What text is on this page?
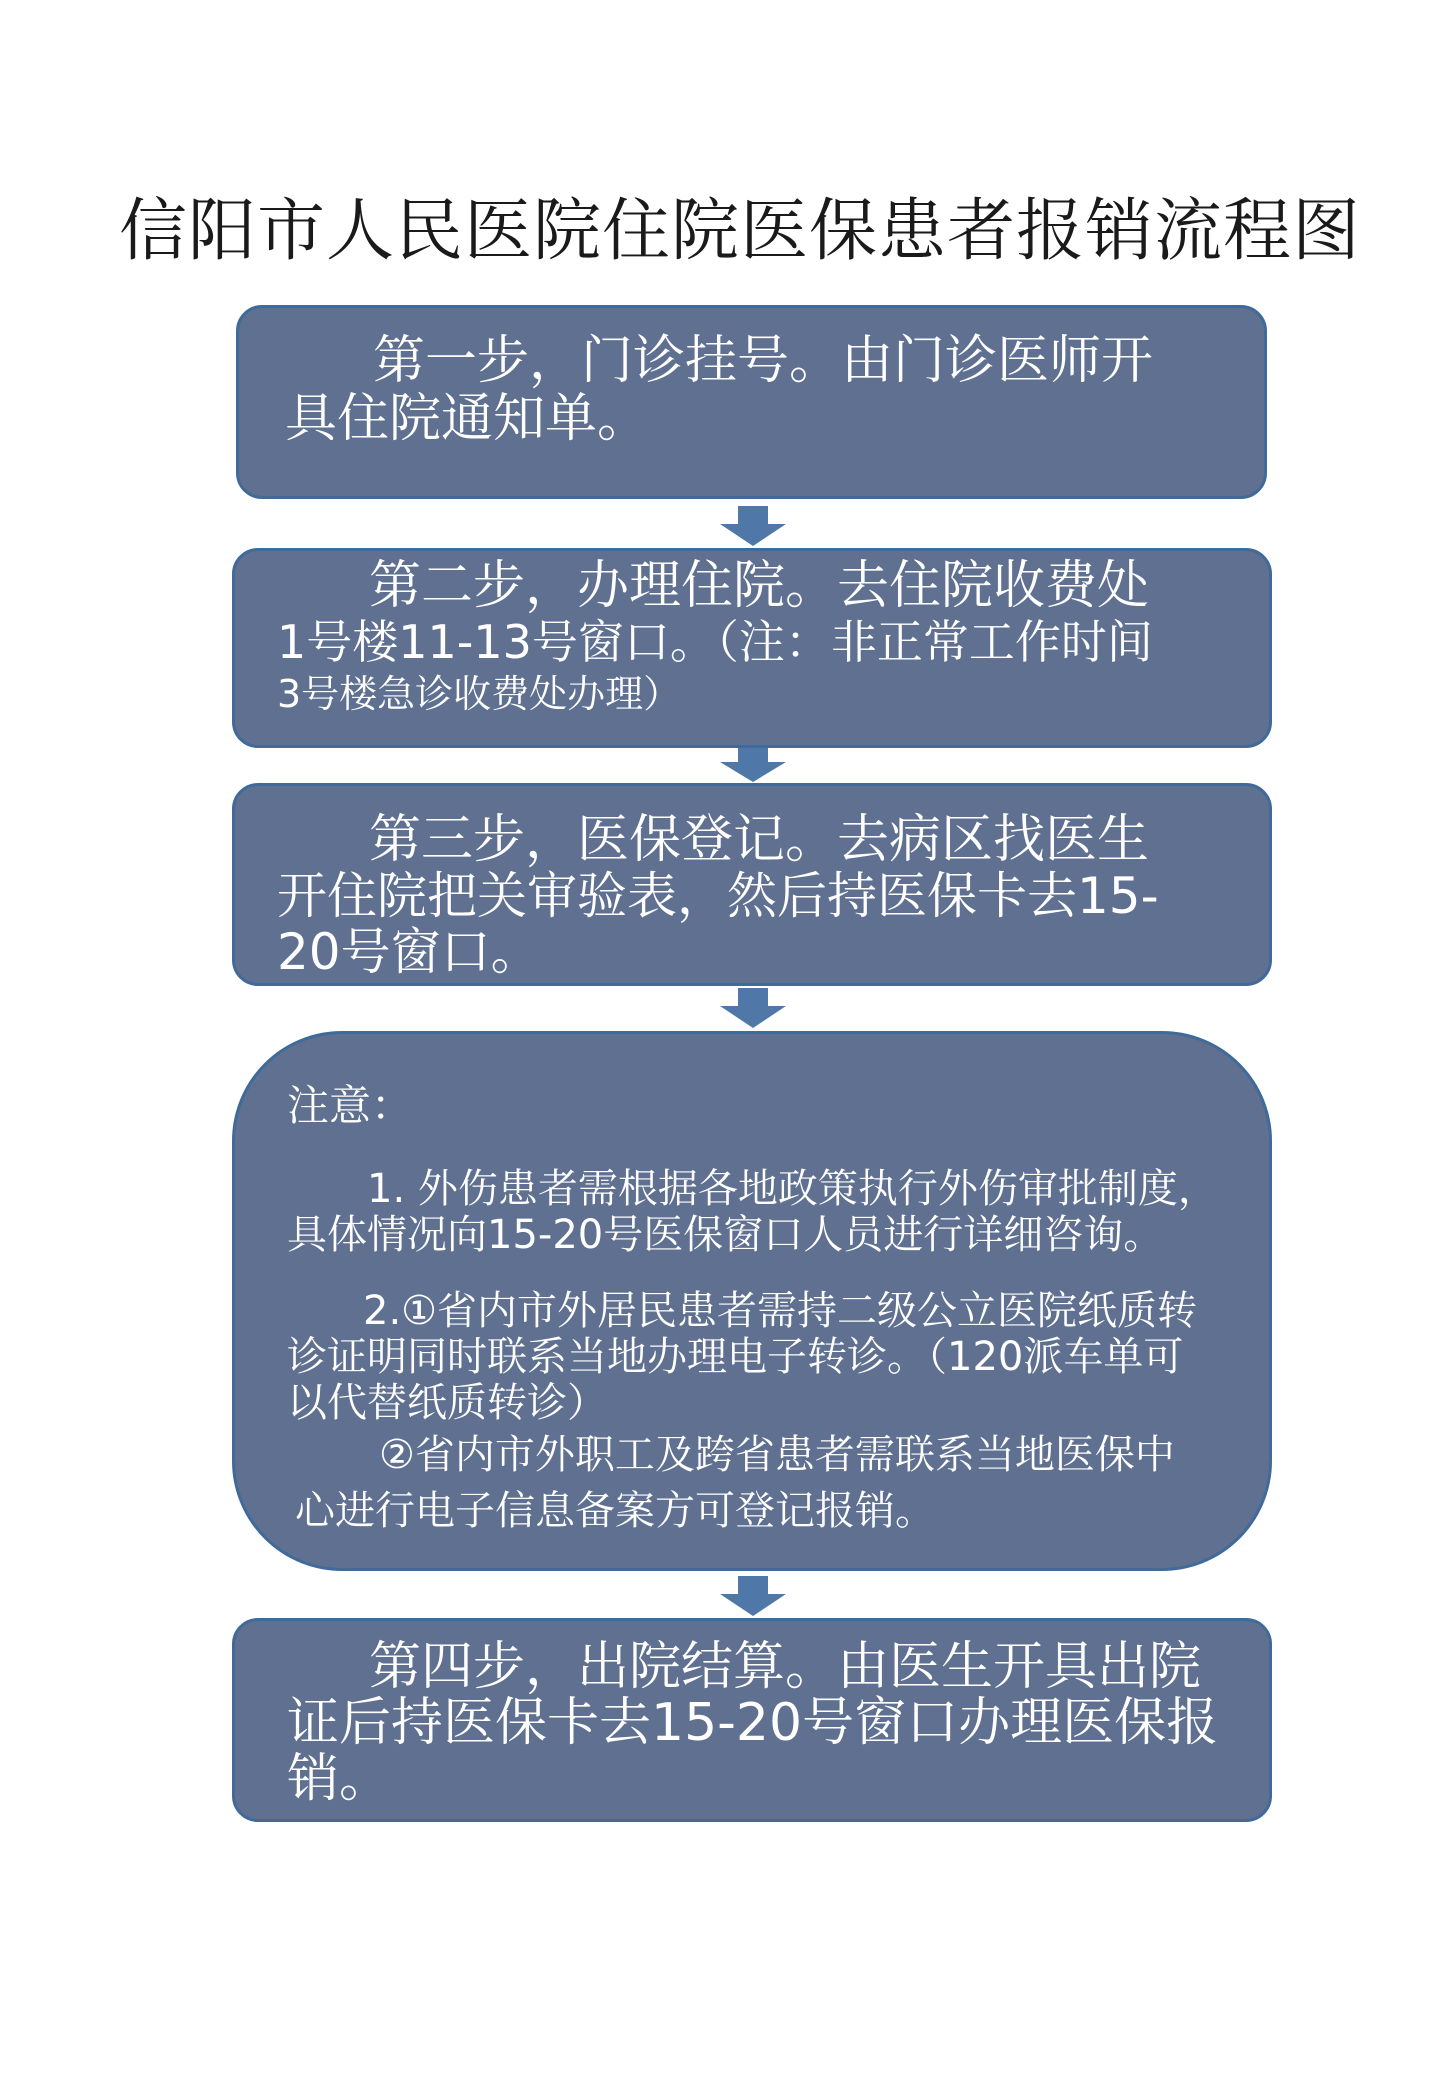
信阳市人民医院住院医保患者报销流程图
第一步，门诊挂号。由门诊医师开
具住院通知单。
第二步，办理住院。去住院收费处
1号楼11-13号窗口。（注：非正常工作时间
3号楼急诊收费处办理）
第三步，医保登记。去病区找医生
开住院把关审验表，然后持医保卡去15-
20号窗口。
注意：
1. 外伤患者需根据各地政策执行外伤审批制度，
具体情况向15-20号医保窗口人员进行详细咨询。
2.①省内市外居民患者需持二级公立医院纸质转
诊证明同时联系当地办理电子转诊。（120派车单可
以代替纸质转诊）
②省内市外职工及跨省患者需联系当地医保中
心进行电子信息备案方可登记报销。
第四步，出院结算。由医生开具出院
证后持医保卡去15-20号窗口办理医保报
销。
